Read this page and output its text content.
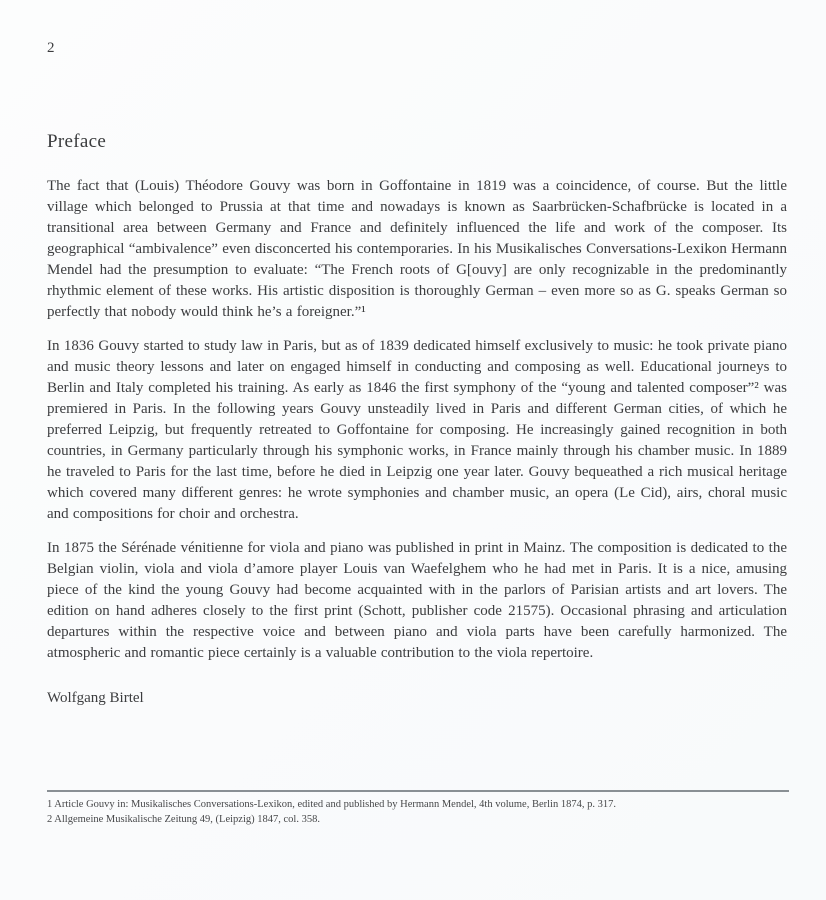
2
Preface

The fact that (Louis) Théodore Gouvy was born in Goffontaine in 1819 was a coincidence, of course. But the little village which belonged to Prussia at that time and nowadays is known as Saarbrücken-Schafbrücke is located in a transitional area between Germany and France and definitely influenced the life and work of the composer. Its geographical “ambivalence” even disconcerted his contemporaries. In his Musikalisches Conversations-Lexikon Hermann Mendel had the presumption to evaluate: “The French roots of G[ouvy] are only recognizable in the predominantly rhythmic element of these works. His artistic disposition is thoroughly German – even more so as G. speaks German so perfectly that nobody would think he’s a foreigner.”¹

In 1836 Gouvy started to study law in Paris, but as of 1839 dedicated himself exclusively to music: he took private piano and music theory lessons and later on engaged himself in conducting and composing as well. Educational journeys to Berlin and Italy completed his training. As early as 1846 the first symphony of the “young and talented composer”² was premiered in Paris. In the following years Gouvy unsteadily lived in Paris and different German cities, of which he preferred Leipzig, but frequently retreated to Goffontaine for composing. He increasingly gained recognition in both countries, in Germany particularly through his symphonic works, in France mainly through his chamber music. In 1889 he traveled to Paris for the last time, before he died in Leipzig one year later. Gouvy bequeathed a rich musical heritage which covered many different genres: he wrote symphonies and chamber music, an opera (Le Cid), airs, choral music and compositions for choir and orchestra.

In 1875 the Sérénade vénitienne for viola and piano was published in print in Mainz. The composition is dedicated to the Belgian violin, viola and viola d’amore player Louis van Waefelghem who he had met in Paris. It is a nice, amusing piece of the kind the young Gouvy had become acquainted with in the parlors of Parisian artists and art lovers. The edition on hand adheres closely to the first print (Schott, publisher code 21575). Occasional phrasing and articulation departures within the respective voice and between piano and viola parts have been carefully harmonized. The atmospheric and romantic piece certainly is a valuable contribution to the viola repertoire.

Wolfgang Birtel
1 Article Gouvy in: Musikalisches Conversations-Lexikon, edited and published by Hermann Mendel, 4th volume, Berlin 1874, p. 317.
2 Allgemeine Musikalische Zeitung 49, (Leipzig) 1847, col. 358.
